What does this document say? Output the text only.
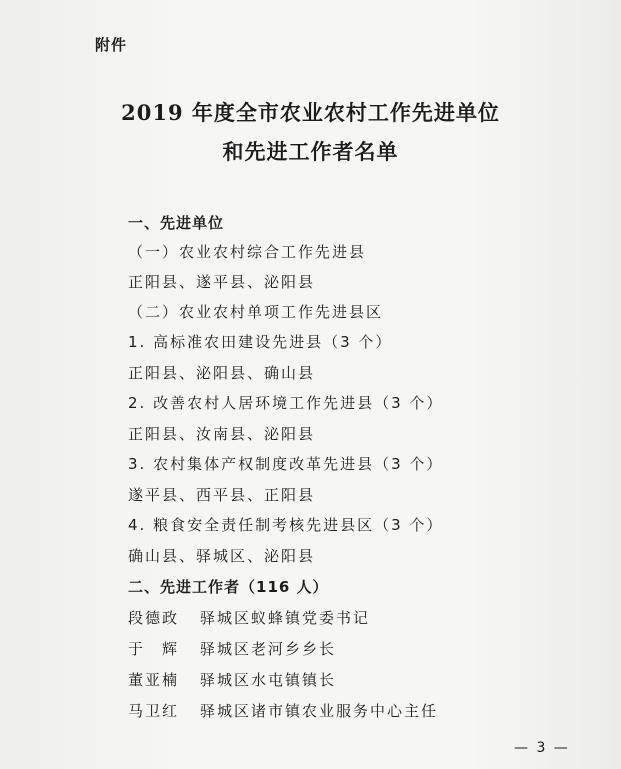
附件
2019 年度全市农业农村工作先进单位
和先进工作者名单
一、先进单位
（一）农业农村综合工作先进县
正阳县、遂平县、泌阳县
（二）农业农村单项工作先进县区
1. 高标准农田建设先进县（3 个）
正阳县、泌阳县、确山县
2. 改善农村人居环境工作先进县（3 个）
正阳县、汝南县、泌阳县
3. 农村集体产权制度改革先进县（3 个）
遂平县、西平县、正阳县
4. 粮食安全责任制考核先进县区（3 个）
确山县、驿城区、泌阳县
二、先进工作者（116 人）
段德政 驿城区蚁蜂镇党委书记
于　辉 驿城区老河乡乡长
董亚楠 驿城区水屯镇镇长
马卫红 驿城区诸市镇农业服务中心主任
— 3 —
